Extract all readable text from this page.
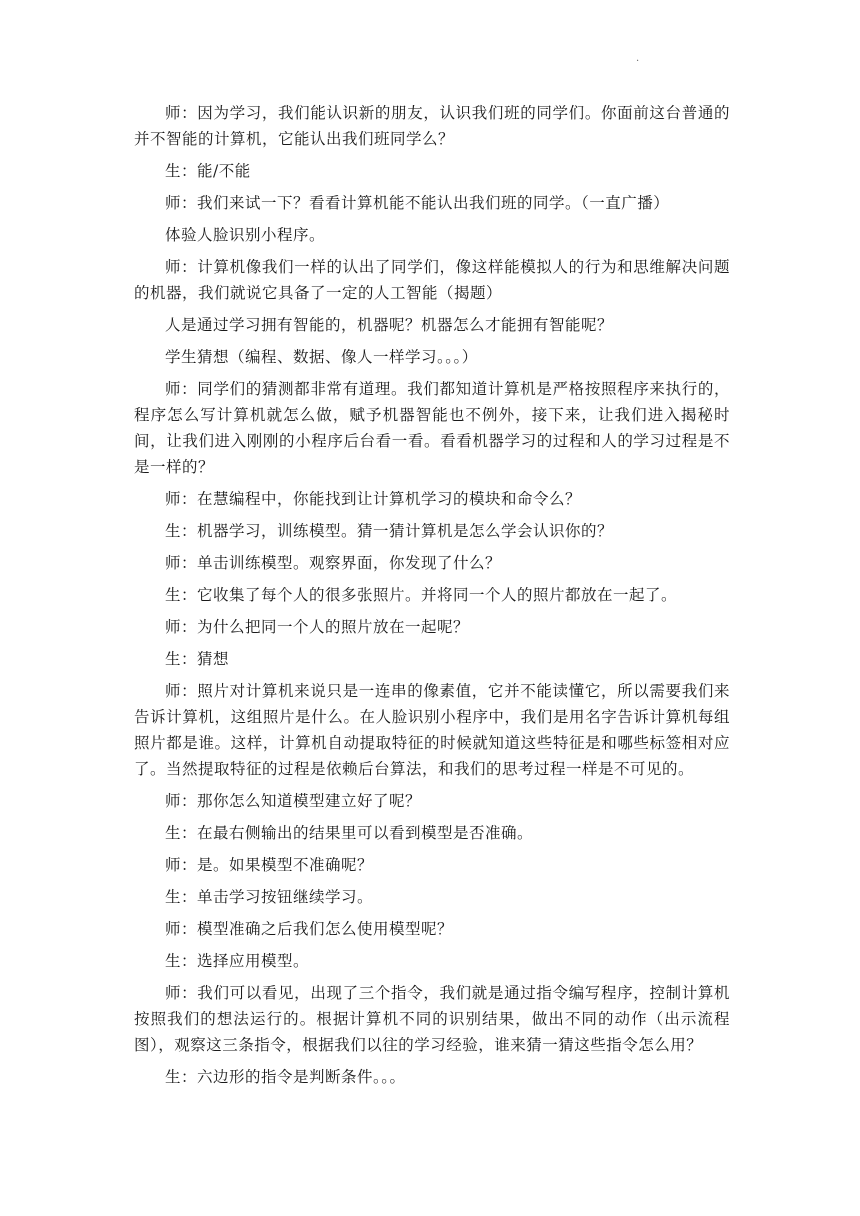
.

师：因为学习，我们能认识新的朋友，认识我们班的同学们。你面前这台普通的并不智能的计算机，它能认出我们班同学么？

生：能/不能

师：我们来试一下？看看计算机能不能认出我们班的同学。（一直广播）

体验人脸识别小程序。

师：计算机像我们一样的认出了同学们，像这样能模拟人的行为和思维解决问题的机器，我们就说它具备了一定的人工智能（揭题）

人是通过学习拥有智能的，机器呢？机器怎么才能拥有智能呢？

学生猜想（编程、数据、像人一样学习。。。）

师：同学们的猜测都非常有道理。我们都知道计算机是严格按照程序来执行的，程序怎么写计算机就怎么做，赋予机器智能也不例外，接下来，让我们进入揭秘时间，让我们进入刚刚的小程序后台看一看。看看机器学习的过程和人的学习过程是不是一样的？

师：在慧编程中，你能找到让计算机学习的模块和命令么？

生：机器学习，训练模型。猜一猜计算机是怎么学会认识你的？

师：单击训练模型。观察界面，你发现了什么？

生：它收集了每个人的很多张照片。并将同一个人的照片都放在一起了。

师：为什么把同一个人的照片放在一起呢？

生：猜想

师：照片对计算机来说只是一连串的像素值，它并不能读懂它，所以需要我们来告诉计算机，这组照片是什么。在人脸识别小程序中，我们是用名字告诉计算机每组照片都是谁。这样，计算机自动提取特征的时候就知道这些特征是和哪些标签相对应了。当然提取特征的过程是依赖后台算法，和我们的思考过程一样是不可见的。

师：那你怎么知道模型建立好了呢？

生：在最右侧输出的结果里可以看到模型是否准确。

师：是。如果模型不准确呢？

生：单击学习按钮继续学习。

师：模型准确之后我们怎么使用模型呢？

生：选择应用模型。

师：我们可以看见，出现了三个指令，我们就是通过指令编写程序，控制计算机按照我们的想法运行的。根据计算机不同的识别结果，做出不同的动作（出示流程图），观察这三条指令，根据我们以往的学习经验，谁来猜一猜这些指令怎么用？

生：六边形的指令是判断条件。。。
